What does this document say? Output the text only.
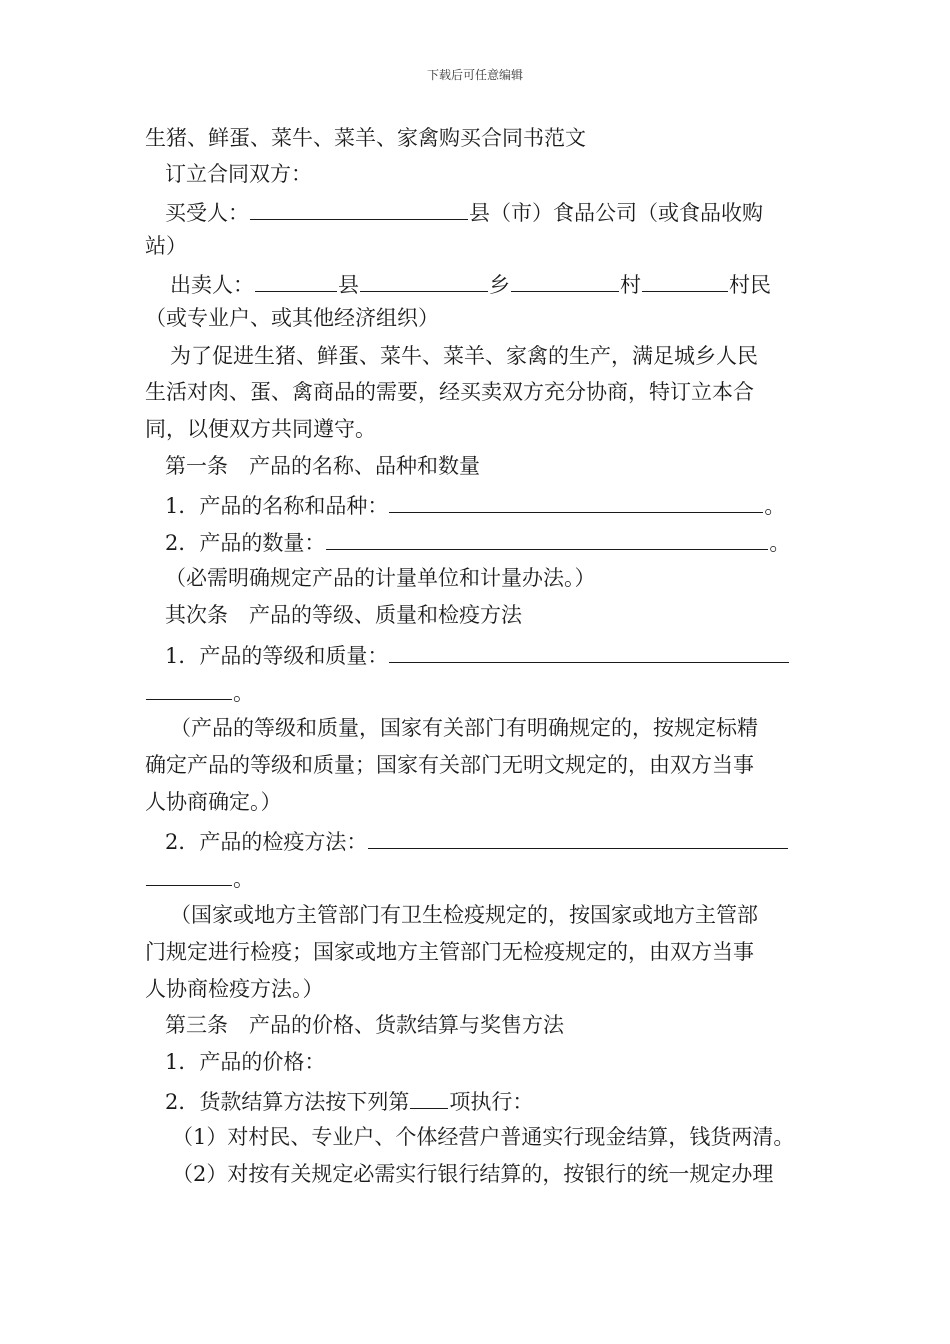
下载后可任意编辑
生猪、鲜蛋、菜牛、菜羊、家禽购买合同书范文
订立合同双方：
买受人：	县（市）食品公司（或食品收购
站）
出卖人：	县	乡	村	村民
（或专业户、或其他经济组织）
为了促进生猪、鲜蛋、菜牛、菜羊、家禽的生产，满足城乡人民
生活对肉、蛋、禽商品的需要，经买卖双方充分协商，特订立本合
同，以便双方共同遵守。
第一条　产品的名称、品种和数量
1．产品的名称和品种：	。
2．产品的数量：	。
（必需明确规定产品的计量单位和计量办法。）
其次条　产品的等级、质量和检疫方法
1．产品的等级和质量：
。
（产品的等级和质量，国家有关部门有明确规定的，按规定标精
确定产品的等级和质量；国家有关部门无明文规定的，由双方当事
人协商确定。）
2．产品的检疫方法：
。
（国家或地方主管部门有卫生检疫规定的，按国家或地方主管部
门规定进行检疫；国家或地方主管部门无检疫规定的，由双方当事
人协商检疫方法。）
第三条　产品的价格、货款结算与奖售方法
1．产品的价格：
2．货款结算方法按下列第 项执行：
（1）对村民、专业户、个体经营户普通实行现金结算，钱货两清。
（2）对按有关规定必需实行银行结算的，按银行的统一规定办理
